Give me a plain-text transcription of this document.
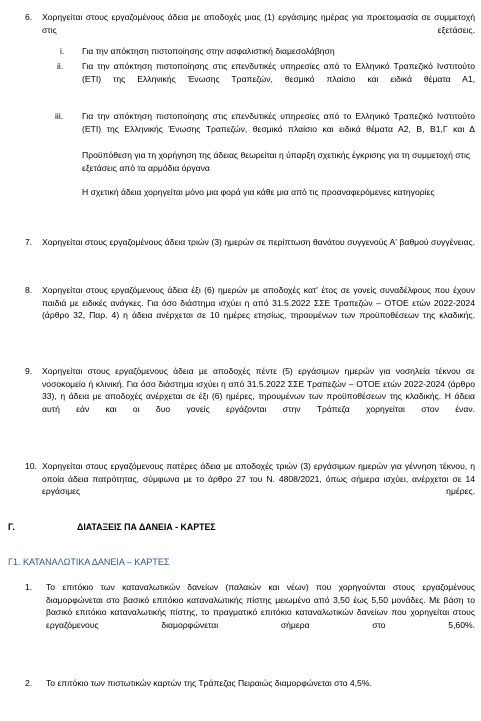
6. Χορηγείται στους εργαζομένους άδεια με αποδοχές μιας (1) εργάσιμης ημέρας για προετοιμασία σε συμμετοχή στις εξετάσεις.
i. Για την απόκτηση πιστοποίησης στην ασφαλιστική διαμεσολάβηση
ii. Για την απόκτηση πιστοποίησης στις επενδυτικές υπηρεσίες από το Ελληνικό Τραπεζικό Ινστιτούτο (ΕΤΙ) της Ελληνικής Ένωσης Τραπεζών, θεσμικό πλαίσιο και ειδικά θέματα Α1,
iii. Για την απόκτηση πιστοποίησης στις επενδυτικές υπηρεσίες από το Ελληνικό Τραπεζικό Ινστιτούτο (ΕΤΙ) της Ελληνικής Ένωσης Τραπεζών, θεσμικό πλαίσιο και ειδικά θέματα Α2, Β, Β1,Γ και Δ
Προϋπόθεση για τη χορήγηση της άδειας θεωρείται η ύπαρξη σχετικής έγκρισης για τη συμμετοχή στις εξετάσεις από τα αρμόδια όργανα
Η σχετική άδεια χορηγείται μόνο μια φορά για κάθε μια από τις προαναφερόμενες κατηγορίες
7. Χορηγείται στους εργαζομένους άδεια τριών (3) ημερών σε περίπτωση θανάτου συγγενούς Α' βαθμού συγγένειας.
8. Χορηγείται στους εργαζόμενους άδεια έξι (6) ημερών με αποδοχές κατ' έτος σε γονείς συναδέλφους που έχουν παιδιά με ειδικές ανάγκες. Για όσο διάστημα ισχύει η από 31.5.2022 ΣΣΕ Τραπεζών – ΟΤΟΕ ετών 2022-2024 (άρθρο 32, Παρ. 4) η άδεια ανέρχεται σε 10 ημέρες ετησίως, τηρουμένων των προϋποθέσεων της κλαδικής.
9. Χορηγείται στους εργαζόμενους άδεια με αποδοχές πέντε (5) εργάσιμων ημερών για νοσηλεία τέκνου σε νοσοκομείο ή κλινική. Για όσο διάστημα ισχύει η από 31.5.2022 ΣΣΕ Τραπεζών – ΟΤΟΕ ετών 2022-2024 (άρθρο 33), η άδεια με αποδοχές ανέρχεται σε έξι (6) ημέρες, τηρουμένων των προϋποθέσεων της κλαδικής. Η άδεια αυτή εάν και οι δυο γονείς εργάζονται στην Τράπεζα χορηγείται στον έναν.
10. Χορηγείται στους εργαζόμενους πατέρες άδεια με αποδοχές τριών (3) εργάσιμων ημερών για γέννηση τέκνου, η οποία άδεια πατρότητας, σύμφωνα με το άρθρο 27 του Ν. 4808/2021, όπως σήμερα ισχύει, ανέρχεται σε 14 εργάσιμες ημέρες.
Γ.	ΔΙΑΤΑΞΕΙΣ ΠΑ ΔΑΝΕΙΑ - ΚΑΡΤΕΣ
Γ1. ΚΑΤΑΝΑΛΩΤΙΚΑ ΔΑΝΕΙΑ – ΚΑΡΤΕΣ
1. Το επιτόκιο των καταναλωτικών δανείων (παλαιών και νέων) που χορηγούνται στους εργαζομένους διαμορφώνεται στο βασικό επιτόκιο καταναλωτικής πίστης μειωμένο από 3,50 έως 5,50 μονάδες. Με βάση το βασικό επιτόκιο καταναλωτικής πίστης, το πραγματικό επιτόκιο καταναλωτικών δανείων που χορηγείται στους εργαζόμενους διαμορφώνεται σήμερα στο 5,60%.
2. Το επιτόκιο των πιστωτικών καρτών της Τράπεζας Πειραιώς διαμορφώνεται στο 4,5%.
